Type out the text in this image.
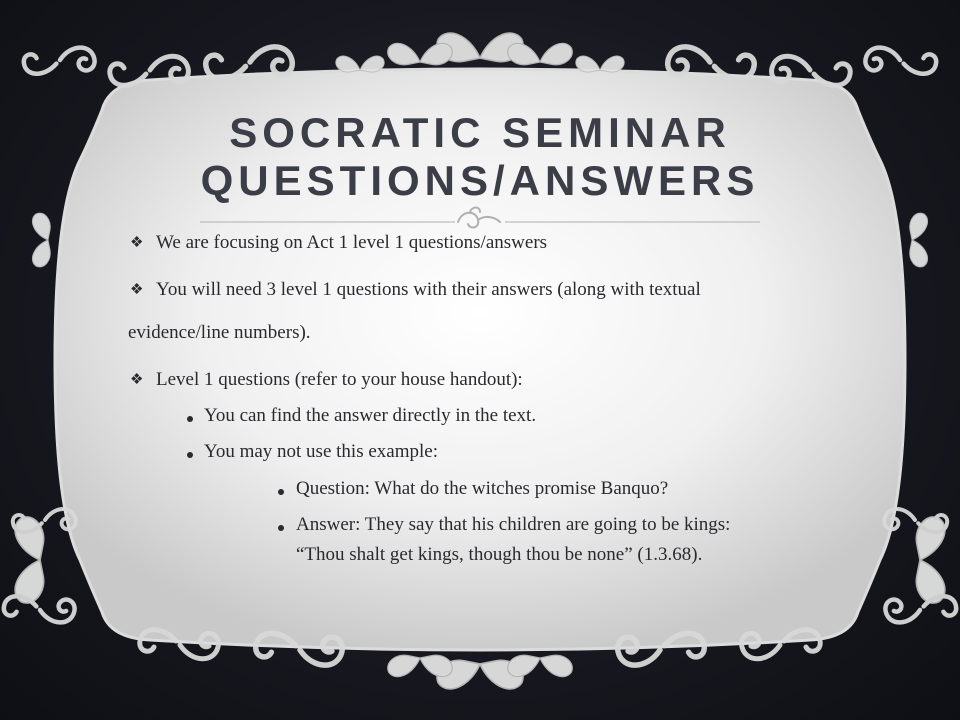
SOCRATIC SEMINAR
QUESTIONS/ANSWERS
❖ We are focusing on Act 1 level 1 questions/answers

❖ You will need 3 level 1 questions with their answers (along with textual

evidence/line numbers).

❖ Level 1 questions (refer to your house handout):

You can find the answer directly in the text.

You may not use this example:

Question: What do the witches promise Banquo?

Answer: They say that his children are going to be kings:

“Thou shalt get kings, though thou be none” (1.3.68).
